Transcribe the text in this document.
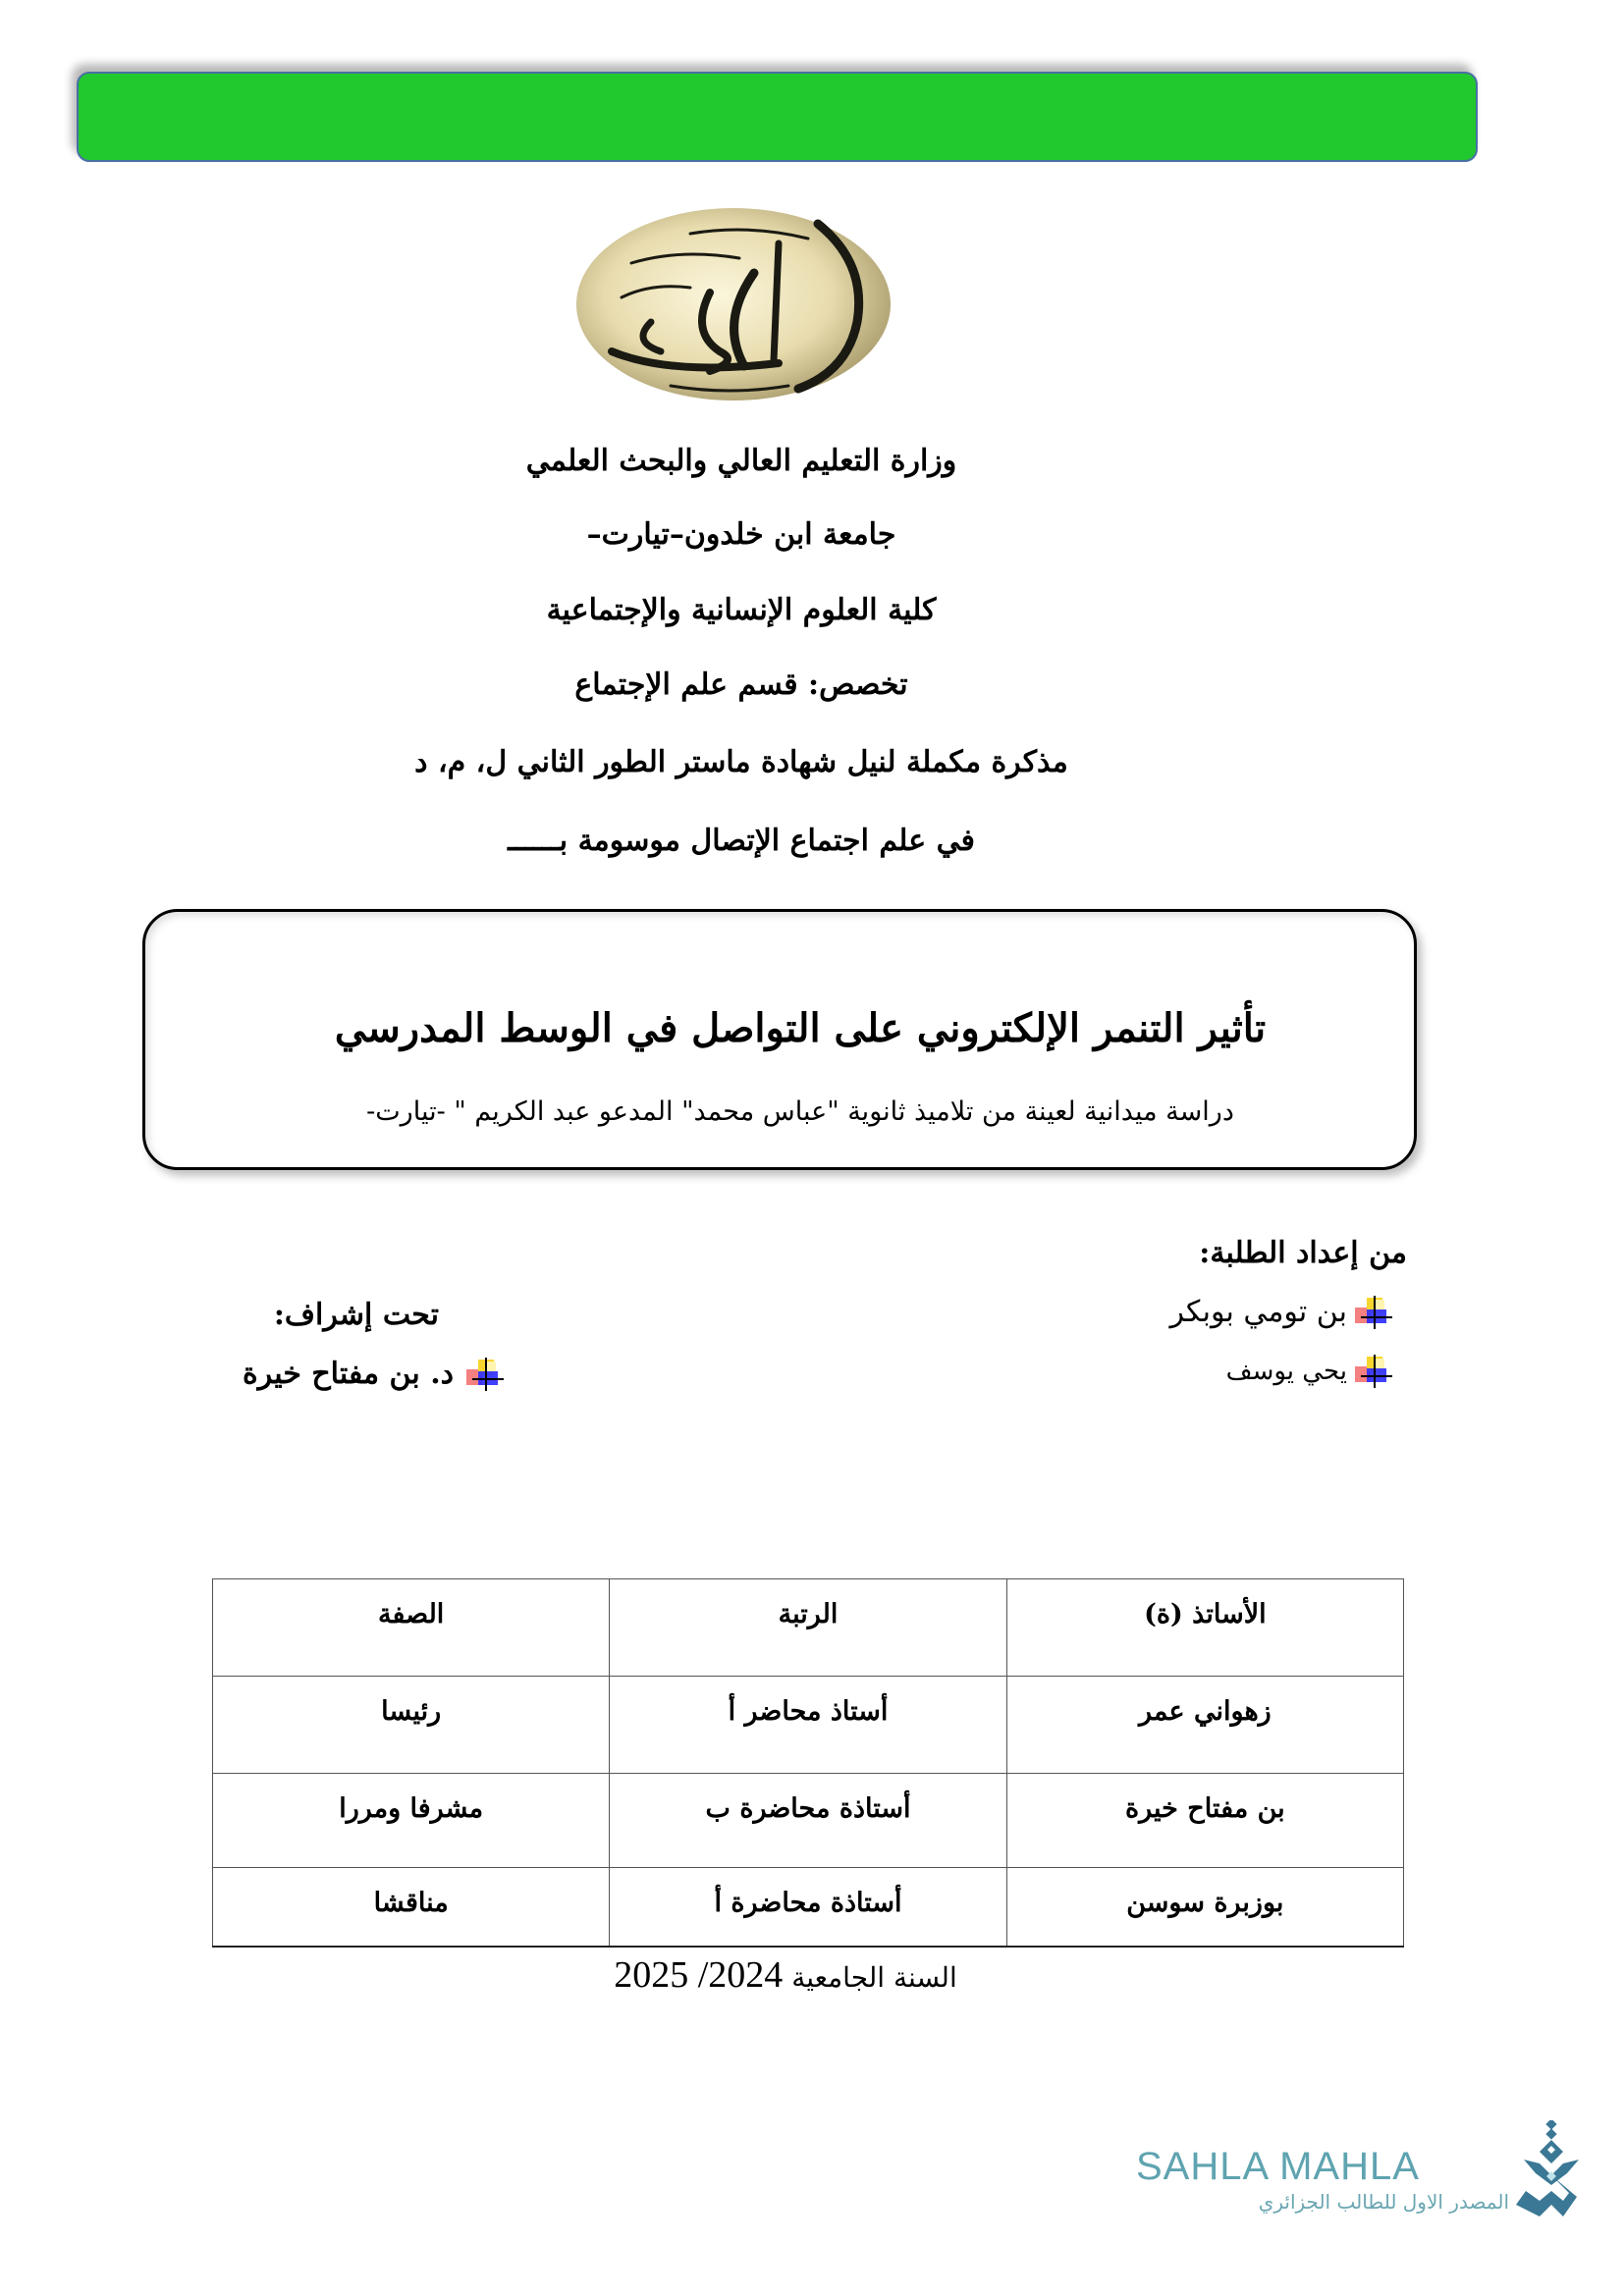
وزارة التعليم العالي والبحث العلمي
جامعة ابن خلدون–تيارت–
كلية العلوم الإنسانية والإجتماعية
تخصص: قسم علم الإجتماع
مذكرة مكملة لنيل شهادة ماستر الطور الثاني ل، م، د
في علم اجتماع الإتصال موسومة بــــــ
تأثير التنمر الإلكتروني على التواصل في الوسط المدرسي
دراسة ميدانية لعينة من تلاميذ ثانوية "عباس محمد" المدعو عبد الكريم " -تيارت-
من إعداد الطلبة:
بن تومي بوبكر
يحي يوسف
تحت إشراف:
د. بن مفتاح خيرة
الأساتذ (ة)	الرتبة	الصفة
زهواني عمر	أستاذ محاضر أ	رئيسا
بن مفتاح خيرة	أستاذة محاضرة ب	مشرفا ومررا
بوزبرة سوسن	أستاذة محاضرة أ	مناقشا
السنة الجامعية 2025 /2024
SAHLA MAHLA
المصدر الاول للطالب الجزائري
